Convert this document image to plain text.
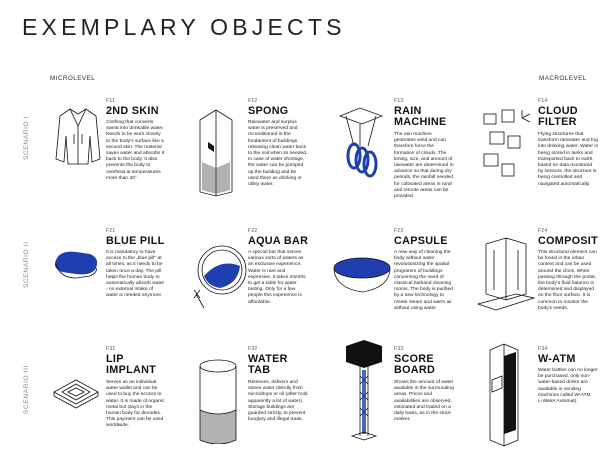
EXEMPLARY OBJECTS
MICROLEVEL	MACROLEVEL
SCENARIO I
SCENARIO II
SCENARIO III
F11
2ND SKIN
Clothing that converts sweat into drinkable water. Needs to be worn closely to the body's surface like a second skin. The material saves water and absorbs it back to the body. It also prevents the body to overheat at temperatures more than 40°.
F12
SPONG
Rainwater and surplus water is preserved and reconditioned in the fundament of buildings releasing clean water back to the soil when its needed. In case of water shortage, the water can be pumped up the building and be used there as drinking or utility water.
F13
RAIN
MACHINE
The rain machine generates wind and can therefore force the formation of clouds. The timing, size, and amount of rainwater are determined in advance so that during dry periods, the rainfall needed for cultivated areas in rural and remote areas can be provided.
F14
CLOUD
FILTER
Flying structures that transform rainwater and fog into drinking water. Water is being stored in tanks and transported back to earth, based on data monitored by sensors, the structure is being controlled and navigated automatically.
F21
BLUE PILL
It is mandatory to have access to the „blue pill" at all times, as it needs to be taken once a day. The pill helps the human body to automatically absorb water - no external intake of water is needed anymore.
F22
AQUA BAR
A special bar that serves various sorts of waters as an exclusive experience. Water is rare and expensive, it takes months to get a table for water tasting. Only for a few people this experience is affordable.
F23
CAPSULE
A new way of cleaning the body without water revolutionizing the spatial programm of buildings concerning the need of classical bathand cleaning rooms. The body is purified by a new technology to create steam and warm air without using water.
F24
COMPOSIT
This structural element can be found in the urban context and can be used around the clock. When passing through the portal, the body's fluid balance is determined and displayed on the floor surface. It is common to monitor the body's needs.
F31
LIP
IMPLANT
Serves as an individual water wallet and can be used to buy the access to water. It is made of organic metal but stays in the human body for decades. This payment can be used worldwide.
F32
WATER
TAB
Retrieves, delivers and stores water directly from microdrops or oil (after hold apparently a lot of water). Storage buildings are guarded strictly, to prevent burglary and illegal trade.
F33
SCORE
BOARD
Shows the amount of water available in the surrounding areas. Prices and availabilities are observed, estimated and traded on a daily basis, as in the stock market.
F34
W-ATM
Water bottles can no longer be purchased, only non-water-based drinks are available in vending machines called W-ATM (=Water Automat).
